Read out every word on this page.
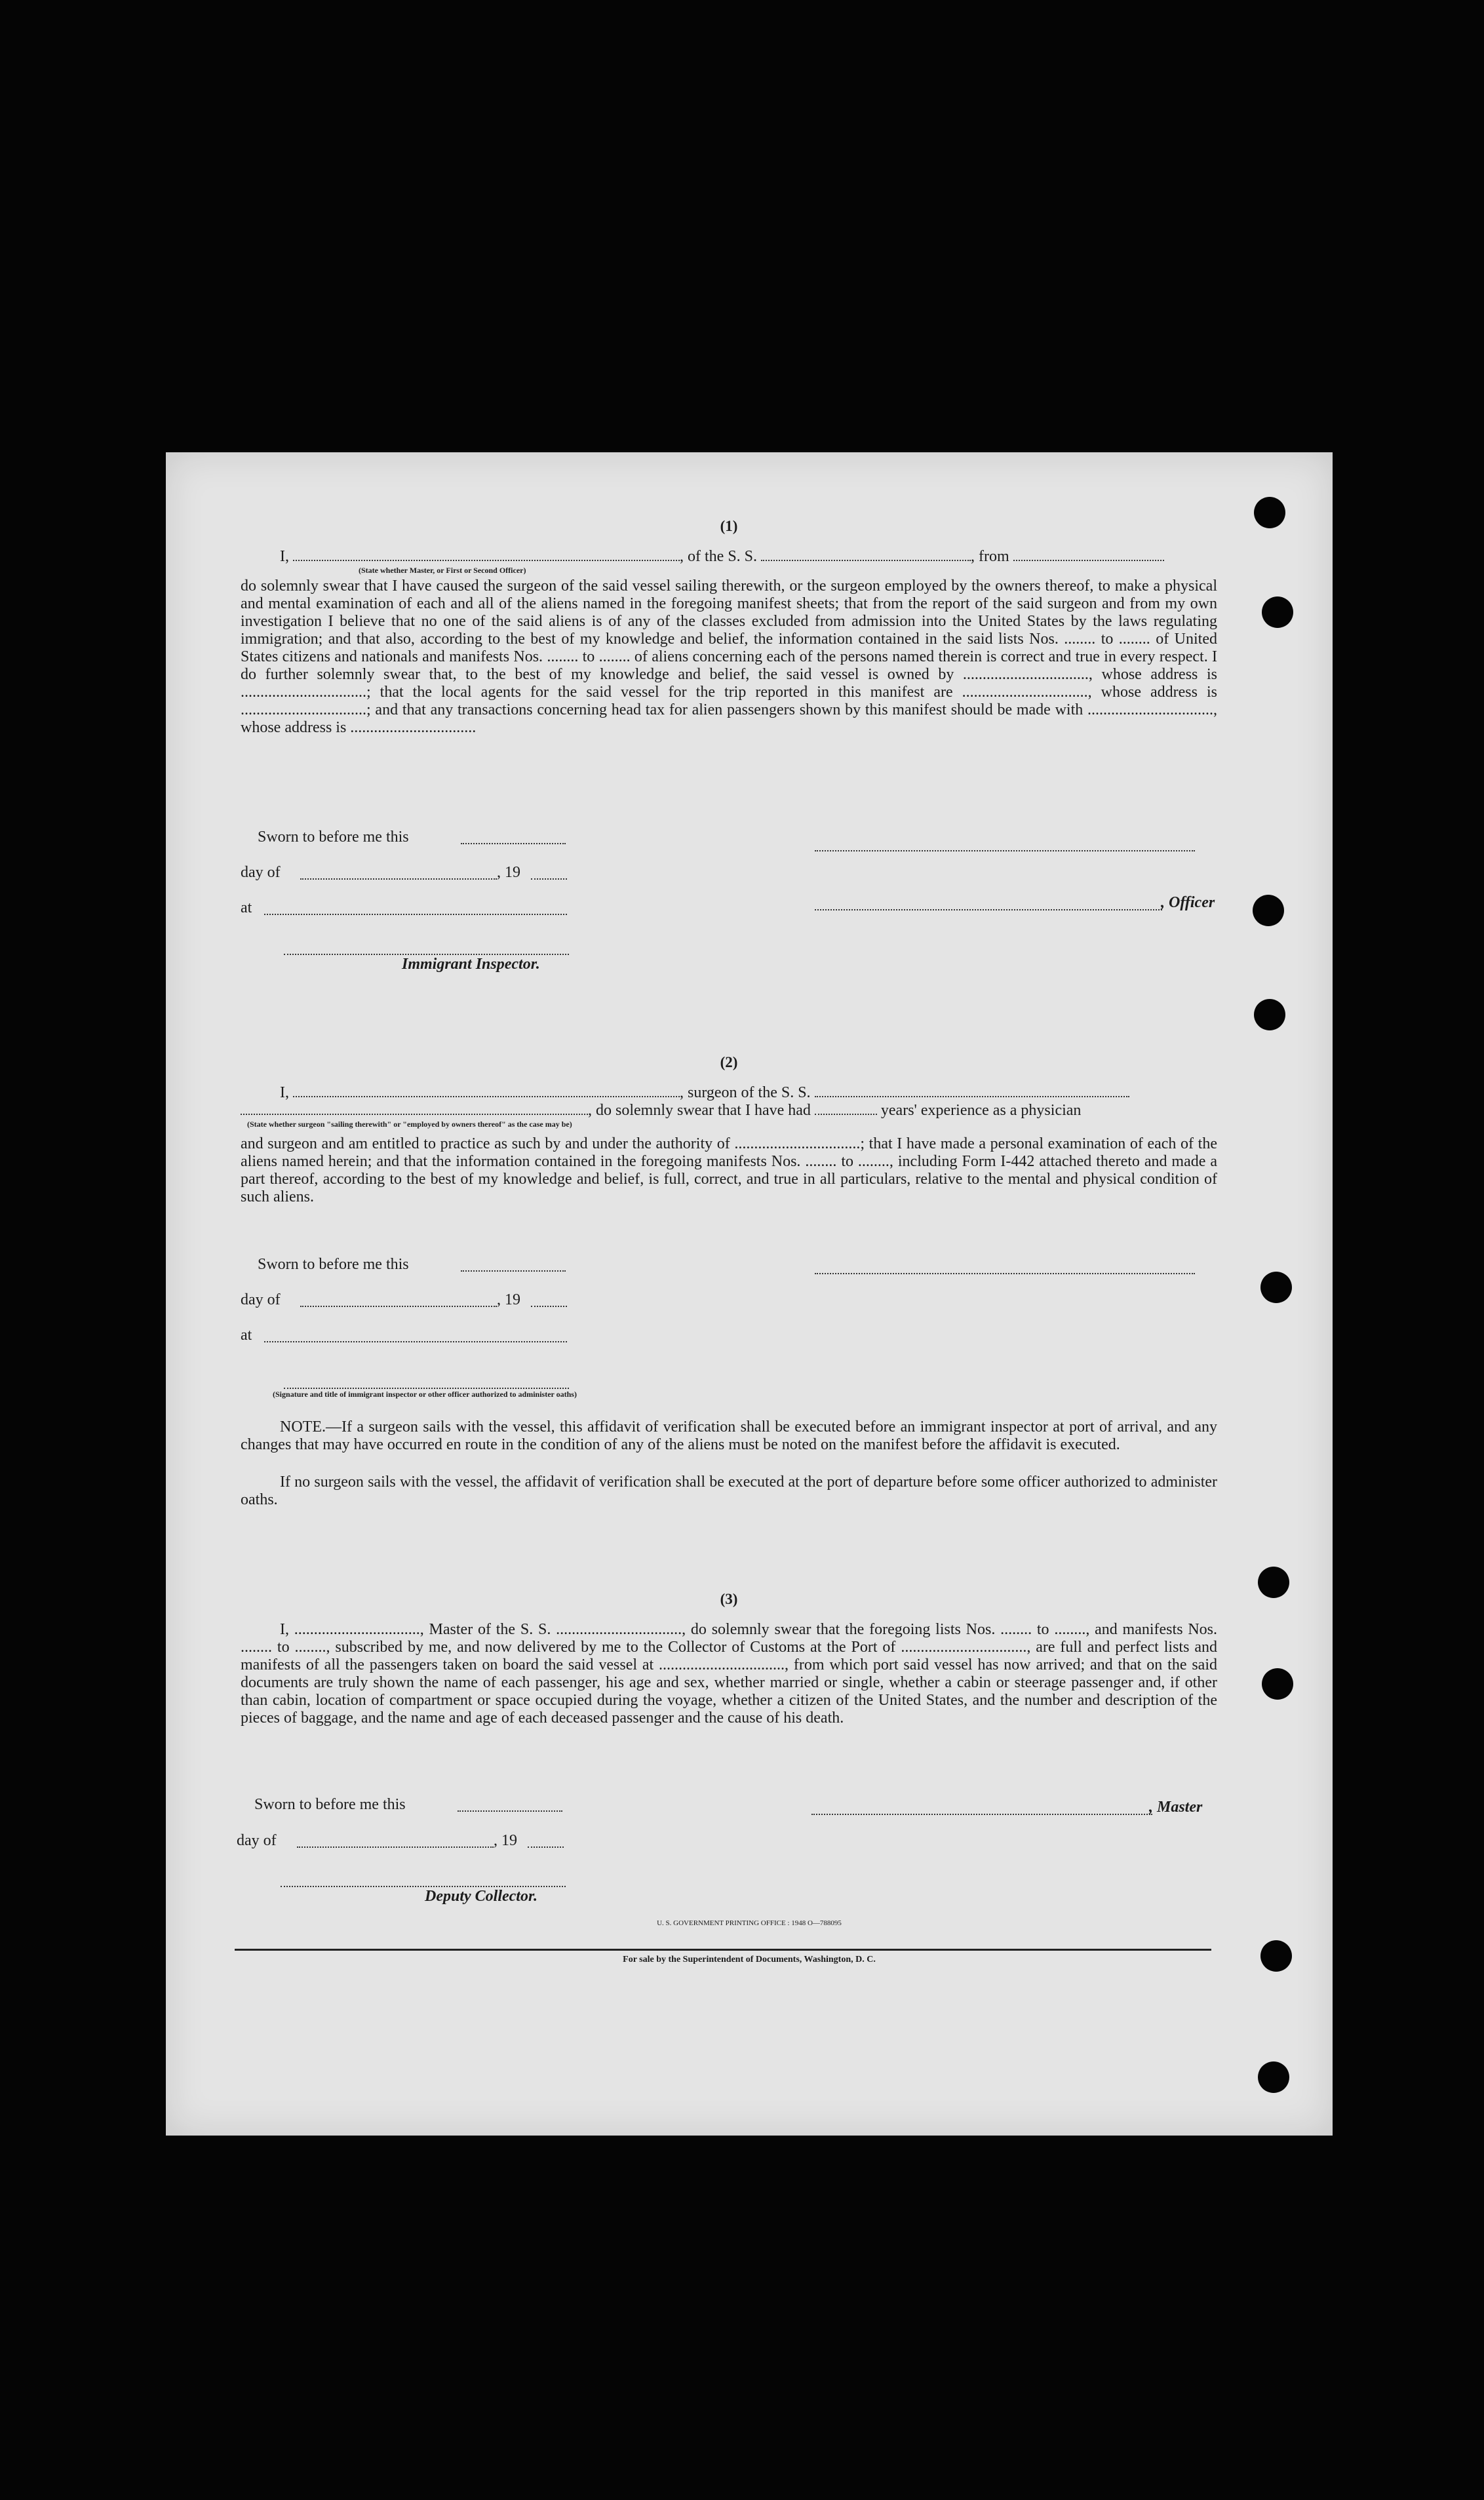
(1)
I,	, of the S. S.	, from
(State whether Master, or First or Second Officer)
do solemnly swear that I have caused the surgeon of the said vessel sailing therewith, or the surgeon employed by the owners thereof, to make a physical and mental examination of each and all of the aliens named in the foregoing manifest sheets; that from the report of the said surgeon and from my own investigation I believe that no one of the said aliens is of any of the classes excluded from admission into the United States by the laws regulating immigration; and that also, according to the best of my knowledge and belief, the information contained in the said lists Nos. ........ to ........ of United States citizens and nationals and manifests Nos. ........ to ........ of aliens concerning each of the persons named therein is correct and true in every respect. I do further solemnly swear that, to the best of my knowledge and belief, the said vessel is owned by ................................, whose address is ................................; that the local agents for the said vessel for the trip reported in this manifest are ................................, whose address is ................................; and that any transactions concerning head tax for alien passengers shown by this manifest should be made with ................................, whose address is ................................
Sworn to before me this
day of	, 19
at
Immigrant Inspector.
, Officer
(2)
I,	, surgeon of the S. S.
, do solemnly swear that I have had	years' experience as a physician
(State whether surgeon "sailing therewith" or "employed by owners thereof" as the case may be)
and surgeon and am entitled to practice as such by and under the authority of ................................; that I have made a personal examination of each of the aliens named herein; and that the information contained in the foregoing manifests Nos. ........ to ........, including Form I-442 attached thereto and made a part thereof, according to the best of my knowledge and belief, is full, correct, and true in all particulars, relative to the mental and physical condition of such aliens.
Sworn to before me this
day of	, 19
at
(Signature and title of immigrant inspector or other officer authorized to administer oaths)
NOTE.—If a surgeon sails with the vessel, this affidavit of verification shall be executed before an immigrant inspector at port of arrival, and any changes that may have occurred en route in the condition of any of the aliens must be noted on the manifest before the affidavit is executed.
If no surgeon sails with the vessel, the affidavit of verification shall be executed at the port of departure before some officer authorized to administer oaths.
(3)
I, ................................, Master of the S. S. ................................, do solemnly swear that the foregoing lists Nos. ........ to ........, and manifests Nos. ........ to ........, subscribed by me, and now delivered by me to the Collector of Customs at the Port of ................................, are full and perfect lists and manifests of all the passengers taken on board the said vessel at ................................, from which port said vessel has now arrived; and that on the said documents are truly shown the name of each passenger, his age and sex, whether married or single, whether a cabin or steerage passenger and, if other than cabin, location of compartment or space occupied during the voyage, whether a citizen of the United States, and the number and description of the pieces of baggage, and the name and age of each deceased passenger and the cause of his death.
Sworn to before me this	, Master
day of	, 19
Deputy Collector.
U. S. GOVERNMENT PRINTING OFFICE : 1948 O—788095
For sale by the Superintendent of Documents, Washington, D. C.
